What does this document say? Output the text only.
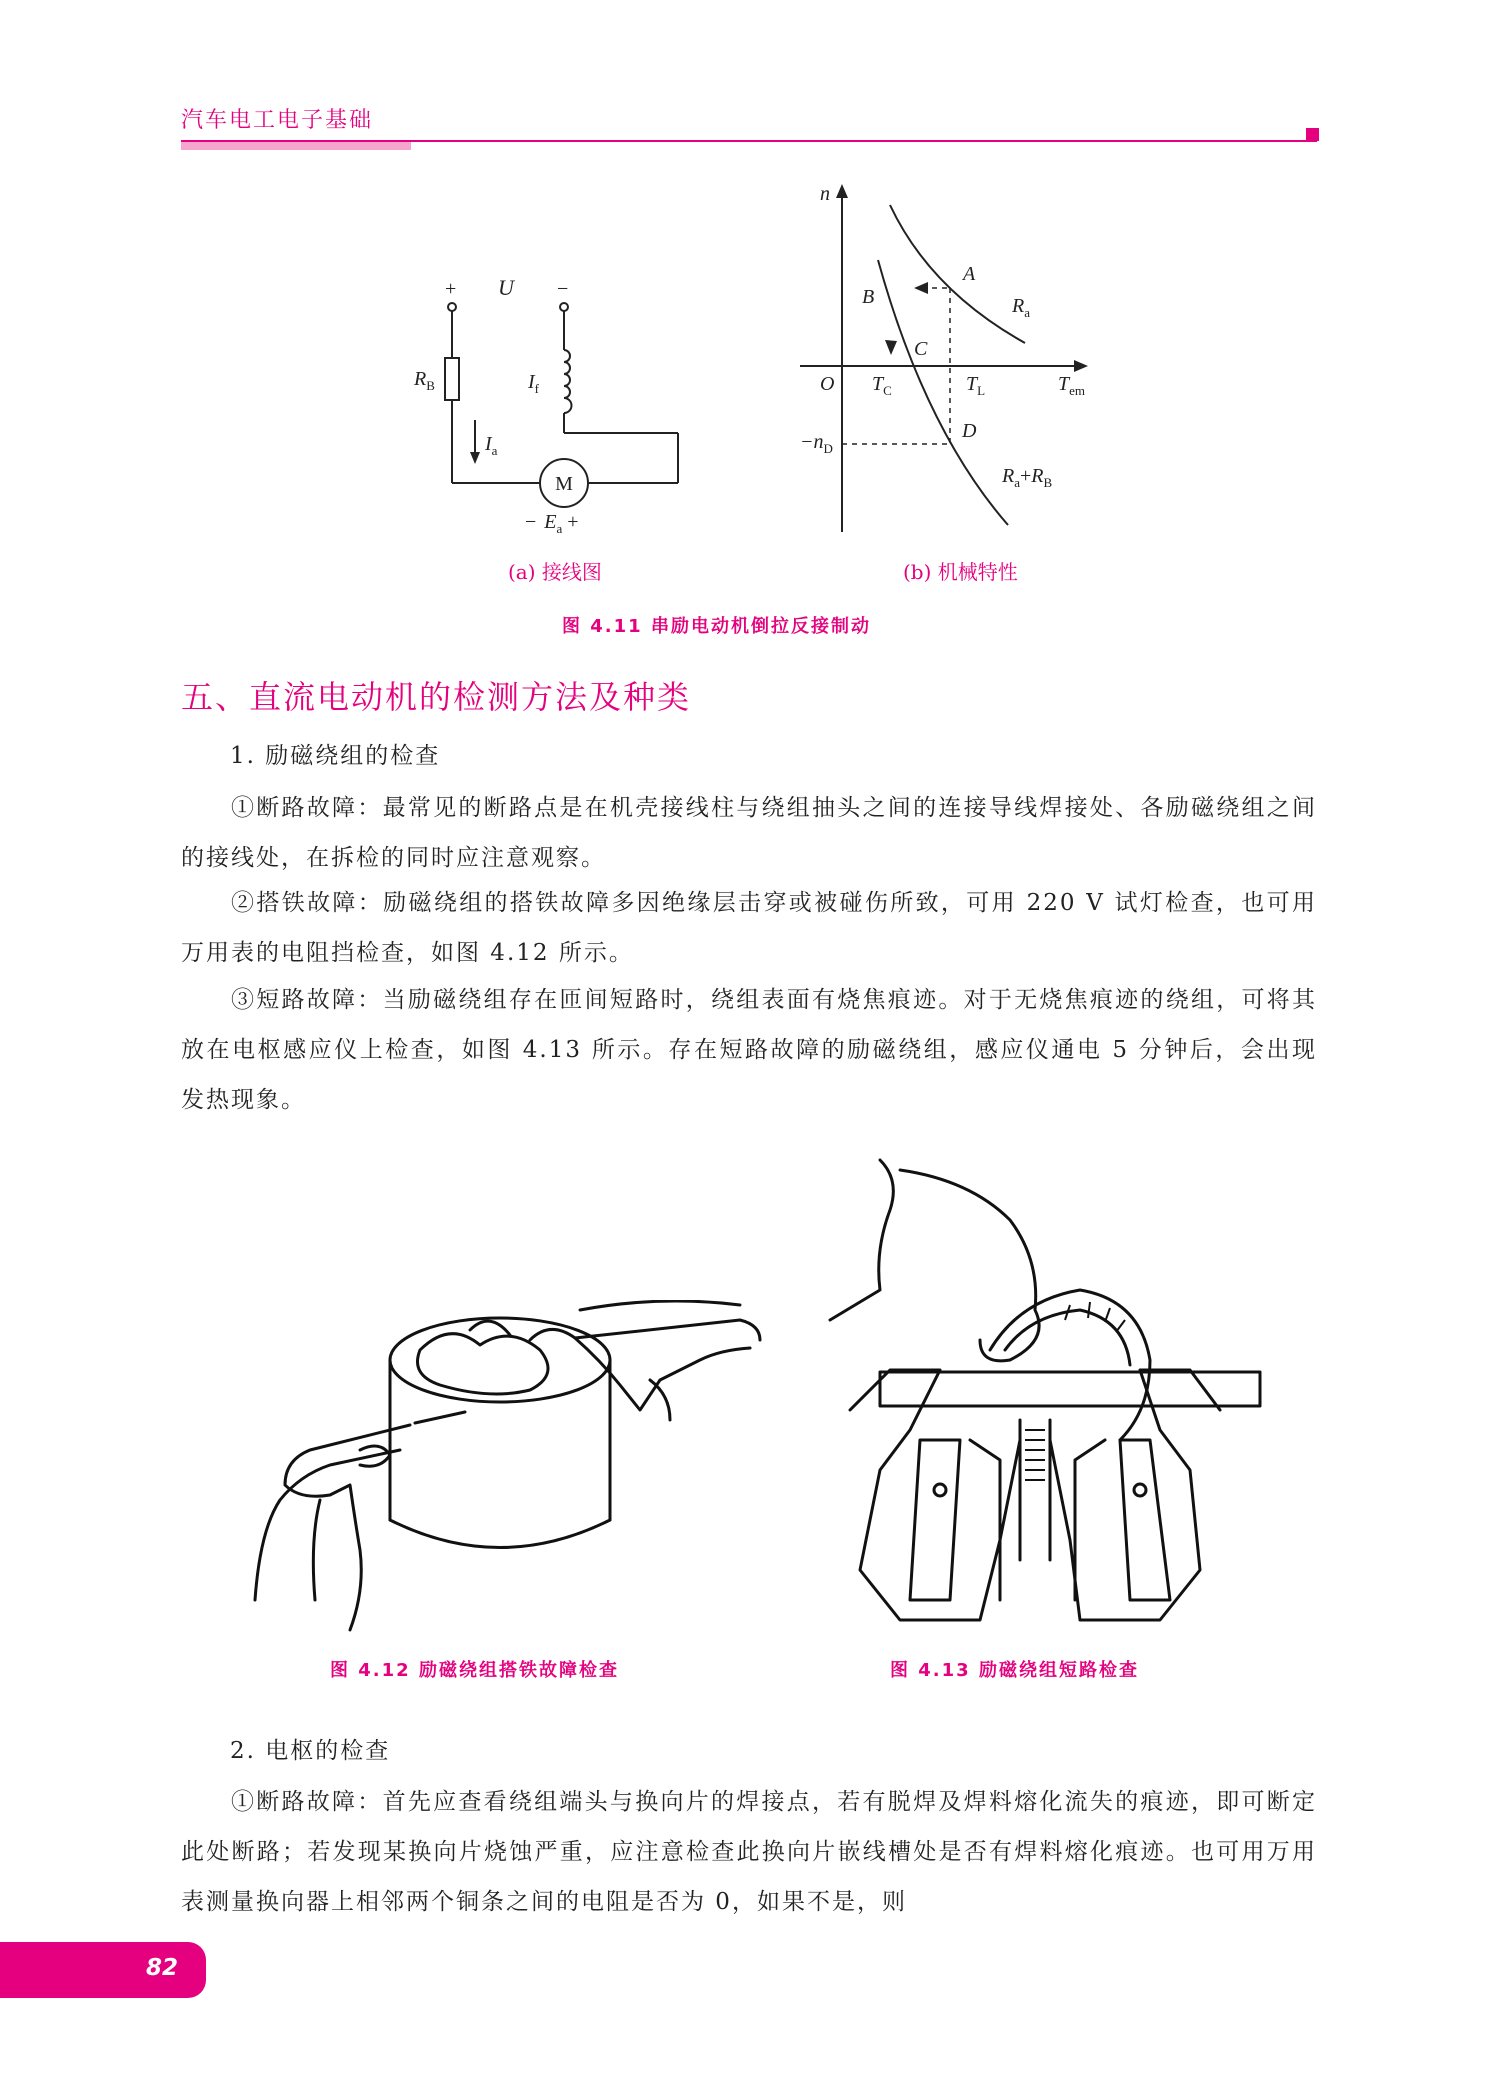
汽车电工电子基础
+ U −
$R_B$	$I_f$
$I_a$
M
− $E_a$ +
(a) 接线图
n
O
A
B
C
D
$R_a$
$T_C$	$T_L$	$T_{em}$
$-n_D$
$R_a+R_B$
(b) 机械特性
图 4.11 串励电动机倒拉反接制动
五、直流电动机的检测方法及种类
1. 励磁绕组的检查
①断路故障：最常见的断路点是在机壳接线柱与绕组抽头之间的连接导线焊接处、各励磁绕组之间的接线处，在拆检的同时应注意观察。
②搭铁故障：励磁绕组的搭铁故障多因绝缘层击穿或被碰伤所致，可用 220 V 试灯检查，也可用万用表的电阻挡检查，如图 4.12 所示。
③短路故障：当励磁绕组存在匝间短路时，绕组表面有烧焦痕迹。对于无烧焦痕迹的绕组，可将其放在电枢感应仪上检查，如图 4.13 所示。存在短路故障的励磁绕组，感应仪通电 5 分钟后，会出现发热现象。
图 4.12 励磁绕组搭铁故障检查	图 4.13 励磁绕组短路检查
2. 电枢的检查
①断路故障：首先应查看绕组端头与换向片的焊接点，若有脱焊及焊料熔化流失的痕迹，即可断定此处断路；若发现某换向片烧蚀严重，应注意检查此换向片嵌线槽处是否有焊料熔化痕迹。也可用万用表测量换向器上相邻两个铜条之间的电阻是否为 0，如果不是，则
82
